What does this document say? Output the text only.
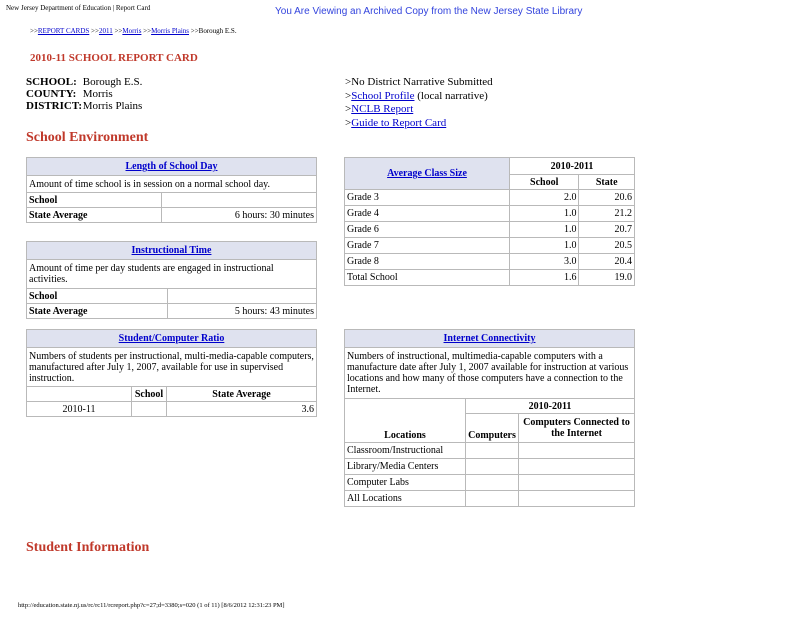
New Jersey Department of Education | Report Card	You Are Viewing an Archived Copy from the New Jersey State Library
>>REPORT CARDS >>2011 >>Morris >>Morris Plains >>Borough E.S.
2010-11 SCHOOL REPORT CARD
SCHOOL: Borough E.S.
COUNTY: Morris
DISTRICT: Morris Plains
>No District Narrative Submitted
>School Profile (local narrative)
>NCLB Report
>Guide to Report Card
School Environment
Length of School Day	
Amount of time school is in session on a normal school day.	
School	
State Average	6 hours: 30 minutes
Instructional Time	
Amount of time per day students are engaged in instructional activities.	
School	
State Average	5 hours: 43 minutes
Student/Computer Ratio		
Numbers of students per instructional, multi-media-capable computers, manufactured after July 1, 2007, available for use in supervised instruction.		
	School	State Average
2010-11		3.6
Average Class Size	2010-2011	
	School	State
Grade 3	2.0	20.6
Grade 4	1.0	21.2
Grade 6	1.0	20.7
Grade 7	1.0	20.5
Grade 8	3.0	20.4
Total School	1.6	19.0
Internet Connectivity		
Numbers of instructional, multimedia-capable computers with a manufacture date after July 1, 2007 available for instruction at various locations and how many of those computers have a connection to the Internet.		
Locations	2010-2011	
	Computers	Computers Connected to the Internet
Classroom/Instructional		
Library/Media Centers		
Computer Labs		
All Locations		
Student Information
http://education.state.nj.us/rc/rc11/rcreport.php?c=27;d=3380;s=020 (1 of 11) [8/6/2012 12:31:23 PM]
